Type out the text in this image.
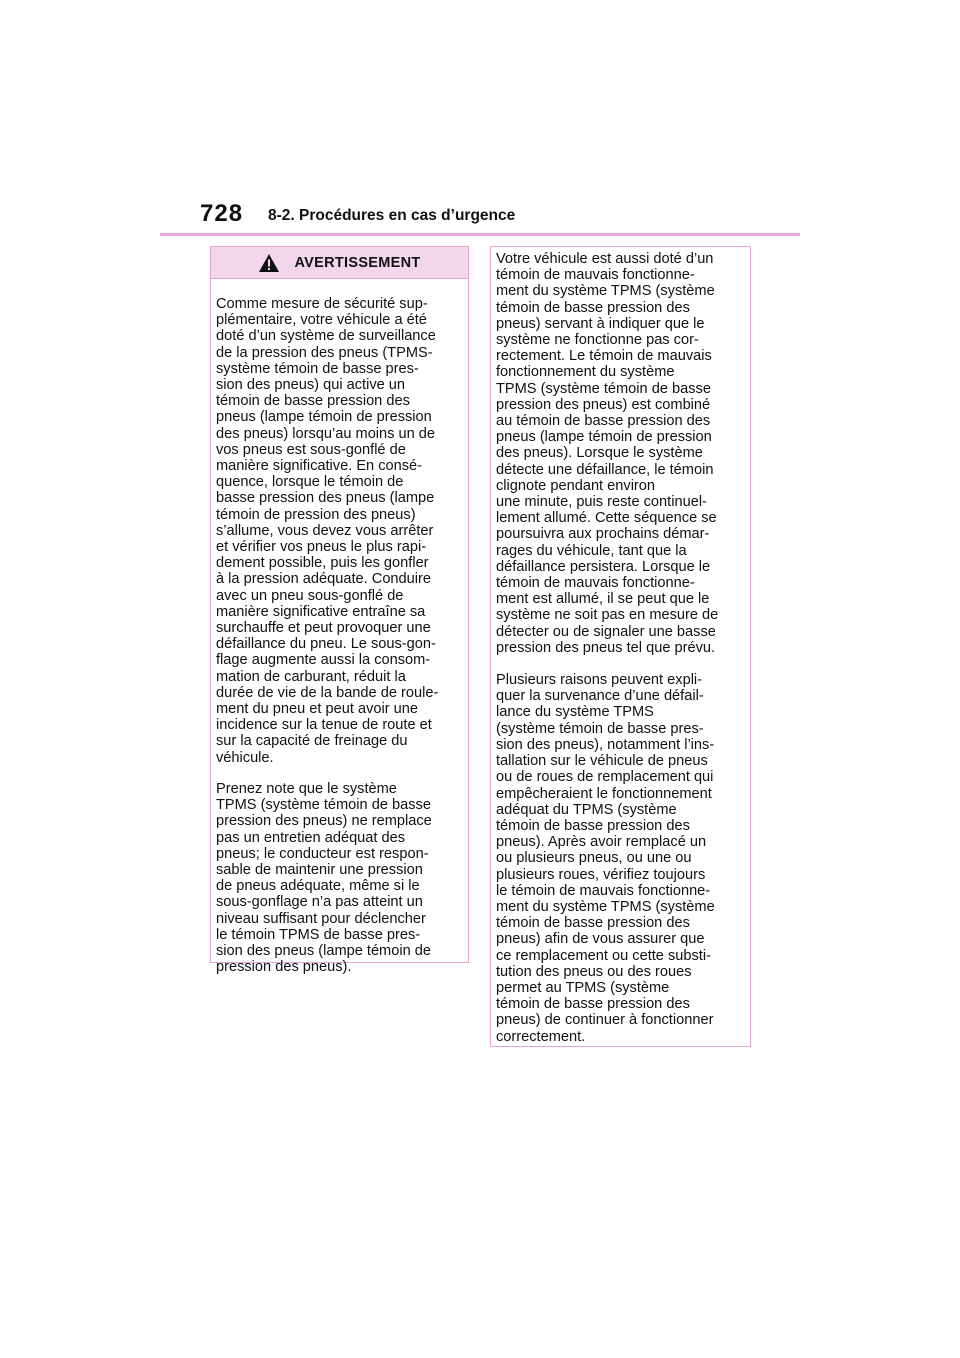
728 8-2. Procédures en cas d’urgence
AVERTISSEMENT

Comme mesure de sécurité sup-
plémentaire, votre véhicule a été
doté d’un système de surveillance
de la pression des pneus (TPMS-
système témoin de basse pres-
sion des pneus) qui active un
témoin de basse pression des
pneus (lampe témoin de pression
des pneus) lorsqu’au moins un de
vos pneus est sous-gonflé de
manière significative. En consé-
quence, lorsque le témoin de
basse pression des pneus (lampe
témoin de pression des pneus)
s’allume, vous devez vous arrêter
et vérifier vos pneus le plus rapi-
dement possible, puis les gonfler
à la pression adéquate. Conduire
avec un pneu sous-gonflé de
manière significative entraîne sa
surchauffe et peut provoquer une
défaillance du pneu. Le sous-gon-
flage augmente aussi la consom-
mation de carburant, réduit la
durée de vie de la bande de roule-
ment du pneu et peut avoir une
incidence sur la tenue de route et
sur la capacité de freinage du
véhicule.

Prenez note que le système
TPMS (système témoin de basse
pression des pneus) ne remplace
pas un entretien adéquat des
pneus; le conducteur est respon-
sable de maintenir une pression
de pneus adéquate, même si le
sous-gonflage n’a pas atteint un
niveau suffisant pour déclencher
le témoin TPMS de basse pres-
sion des pneus (lampe témoin de
pression des pneus).

Votre véhicule est aussi doté d’un
témoin de mauvais fonctionne-
ment du système TPMS (système
témoin de basse pression des
pneus) servant à indiquer que le
système ne fonctionne pas cor-
rectement. Le témoin de mauvais
fonctionnement du système
TPMS (système témoin de basse
pression des pneus) est combiné
au témoin de basse pression des
pneus (lampe témoin de pression
des pneus). Lorsque le système
détecte une défaillance, le témoin
clignote pendant environ
une minute, puis reste continuel-
lement allumé. Cette séquence se
poursuivra aux prochains démar-
rages du véhicule, tant que la
défaillance persistera. Lorsque le
témoin de mauvais fonctionne-
ment est allumé, il se peut que le
système ne soit pas en mesure de
détecter ou de signaler une basse
pression des pneus tel que prévu.

Plusieurs raisons peuvent expli-
quer la survenance d’une défail-
lance du système TPMS
(système témoin de basse pres-
sion des pneus), notamment l’ins-
tallation sur le véhicule de pneus
ou de roues de remplacement qui
empêcheraient le fonctionnement
adéquat du TPMS (système
témoin de basse pression des
pneus). Après avoir remplacé un
ou plusieurs pneus, ou une ou
plusieurs roues, vérifiez toujours
le témoin de mauvais fonctionne-
ment du système TPMS (système
témoin de basse pression des
pneus) afin de vous assurer que
ce remplacement ou cette substi-
tution des pneus ou des roues
permet au TPMS (système
témoin de basse pression des
pneus) de continuer à fonctionner
correctement.
